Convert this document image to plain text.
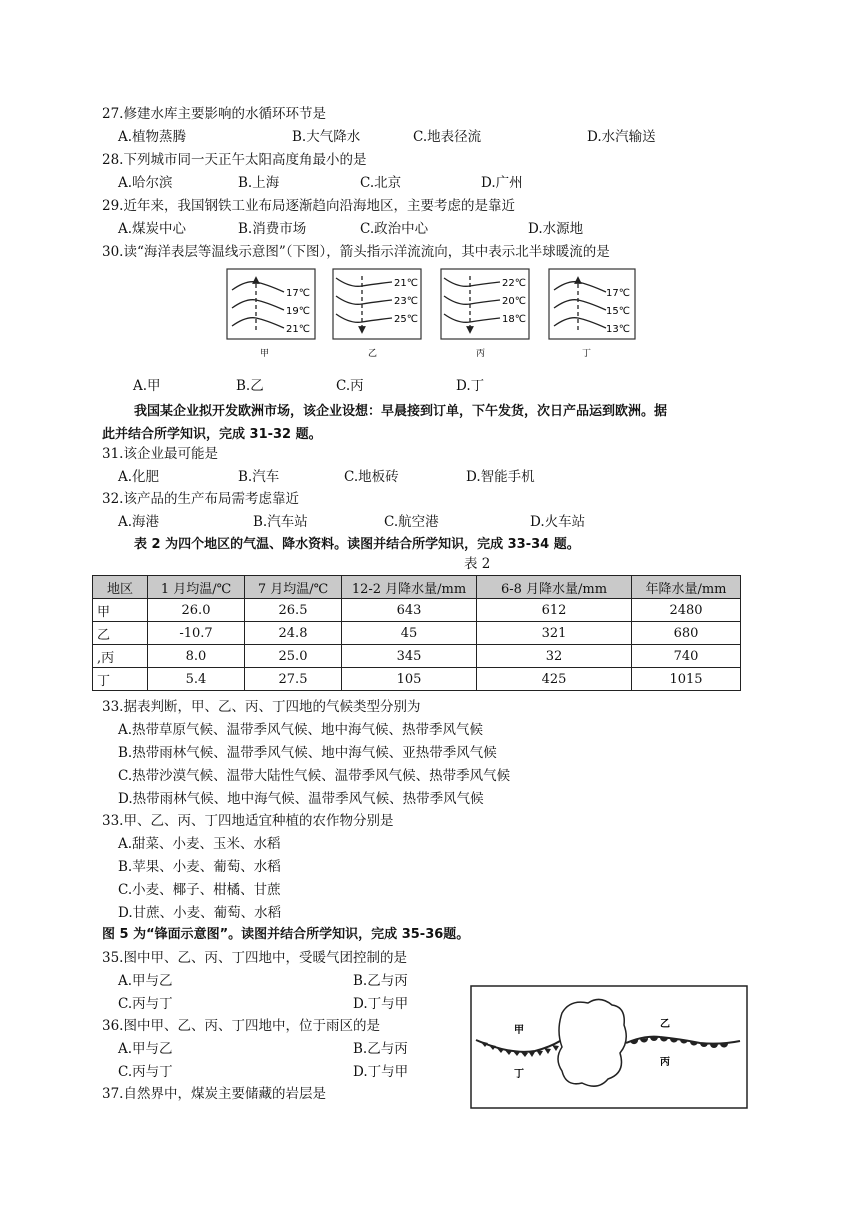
27.修建水库主要影响的水循环环节是
A.植物蒸腾	B.大气降水	C.地表径流	D.水汽输送
28.下列城市同一天正午太阳高度角最小的是
A.哈尔滨	B.上海	C.北京	D.广州
29.近年来，我国钢铁工业布局逐渐趋向沿海地区，主要考虑的是靠近
A.煤炭中心	B.消费市场	C.政治中心	D.水源地
30.读“海洋表层等温线示意图”（下图），箭头指示洋流流向，其中表示北半球暖流的是
17℃
19℃
21℃
甲
21℃
23℃
25℃
乙
22℃
20℃
18℃
丙
17℃
15℃
13℃
丁
A.甲	B.乙	C.丙	D.丁
我国某企业拟开发欧洲市场，该企业设想：早晨接到订单，下午发货，次日产品运到欧洲。据
此并结合所学知识，完成 31-32 题。
31.该企业最可能是
A.化肥	B.汽车	C.地板砖	D.智能手机
32.该产品的生产布局需考虑靠近
A.海港	B.汽车站	C.航空港	D.火车站
表 2 为四个地区的气温、降水资料。读图并结合所学知识，完成 33-34 题。
表 2
地区	1 月均温/℃	7 月均温/℃	12-2 月降水量/mm	6-8 月降水量/mm	年降水量/mm
甲	26.0	26.5	643	612	2480
乙	-10.7	24.8	45	321	680
,丙	8.0	25.0	345	32	740
丁	5.4	27.5	105	425	1015
33.据表判断，甲、乙、丙、丁四地的气候类型分别为
A.热带草原气候、温带季风气候、地中海气候、热带季风气候
B.热带雨林气候、温带季风气候、地中海气候、亚热带季风气候
C.热带沙漠气候、温带大陆性气候、温带季风气候、热带季风气候
D.热带雨林气候、地中海气候、温带季风气候、热带季风气候
33.甲、乙、丙、丁四地适宜种植的农作物分别是
A.甜菜、小麦、玉米、水稻
B.苹果、小麦、葡萄、水稻
C.小麦、椰子、柑橘、甘蔗
D.甘蔗、小麦、葡萄、水稻
图 5 为“锋面示意图”。读图并结合所学知识，完成 35-36题。
35.图中甲、乙、丙、丁四地中，受暖气团控制的是
A.甲与乙	B.乙与丙
C.丙与丁	D.丁与甲
36.图中甲、乙、丙、丁四地中，位于雨区的是
A.甲与乙	B.乙与丙
C.丙与丁	D.丁与甲
37.自然界中，煤炭主要储藏的岩层是
甲
乙
丁
丙
